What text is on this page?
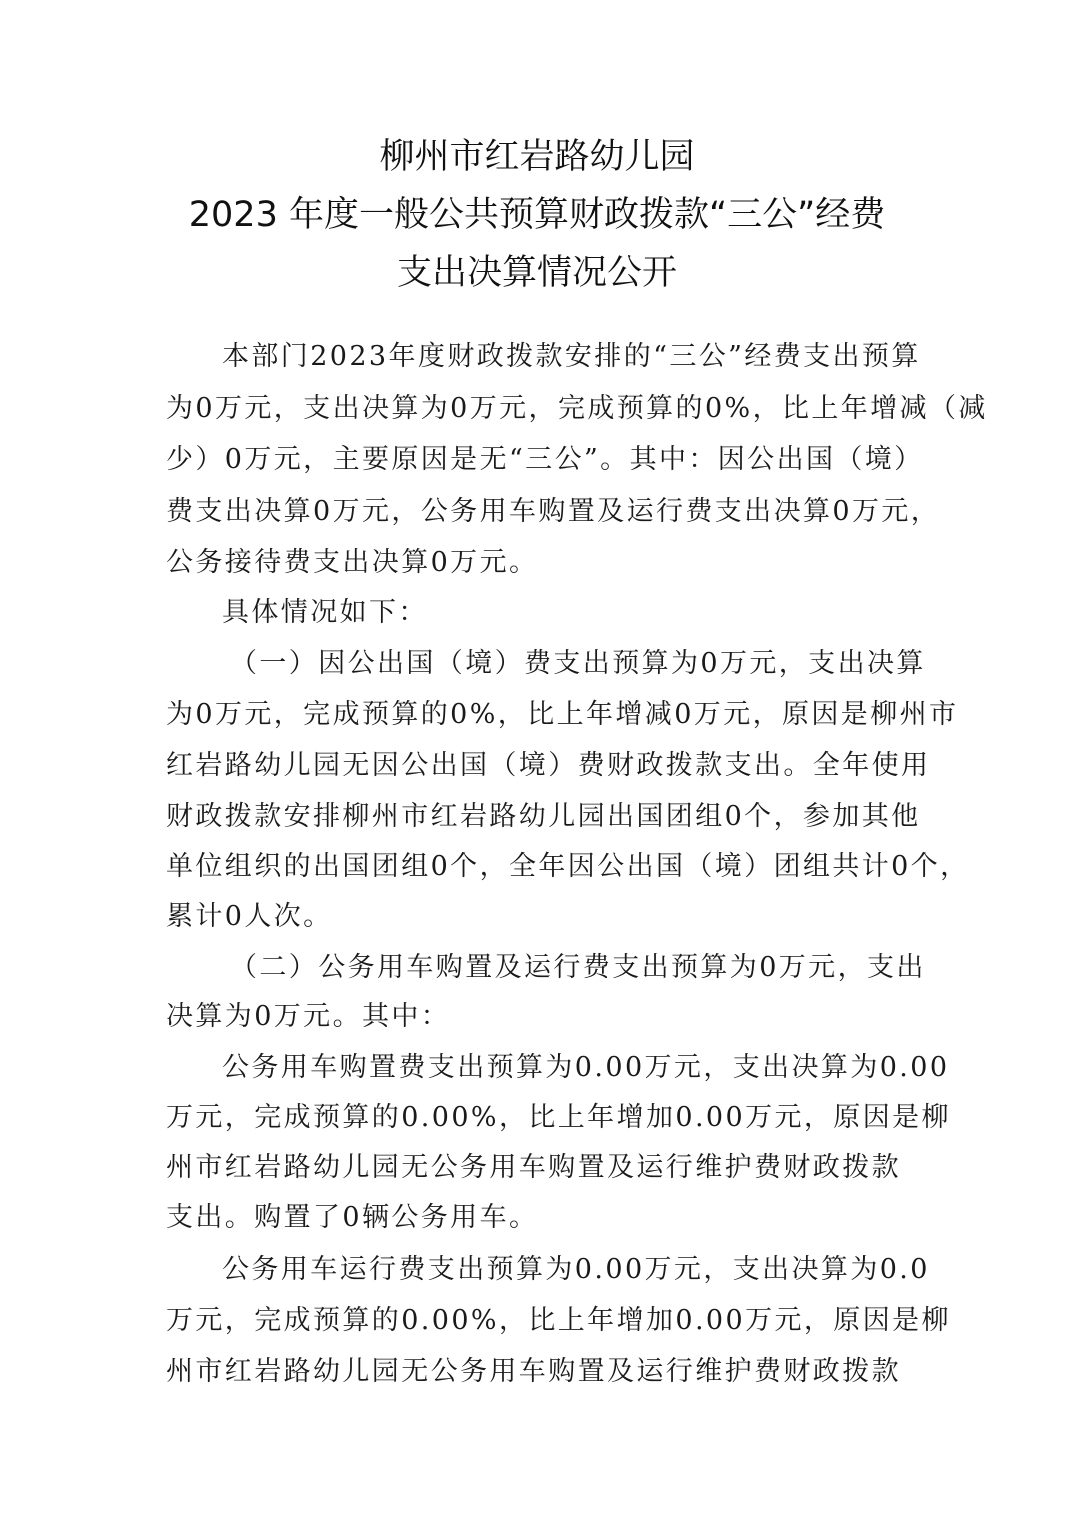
柳州市红岩路幼儿园
2023 年度一般公共预算财政拨款“三公”经费
支出决算情况公开
本部门2023年度财政拨款安排的“三公”经费支出预算
为0万元，支出决算为0万元，完成预算的0%，比上年增减（减
少）0万元，主要原因是无“三公”。其中：因公出国（境）
费支出决算0万元，公务用车购置及运行费支出决算0万元，
公务接待费支出决算0万元。
具体情况如下：
（一）因公出国（境）费支出预算为0万元，支出决算
为0万元，完成预算的0%，比上年增减0万元，原因是柳州市
红岩路幼儿园无因公出国（境）费财政拨款支出。全年使用
财政拨款安排柳州市红岩路幼儿园出国团组0个，参加其他
单位组织的出国团组0个，全年因公出国（境）团组共计0个，
累计0人次。
（二）公务用车购置及运行费支出预算为0万元，支出
决算为0万元。其中：
公务用车购置费支出预算为0.00万元，支出决算为0.00
万元，完成预算的0.00%，比上年增加0.00万元，原因是柳
州市红岩路幼儿园无公务用车购置及运行维护费财政拨款
支出。购置了0辆公务用车。
公务用车运行费支出预算为0.00万元，支出决算为0.0
万元，完成预算的0.00%，比上年增加0.00万元，原因是柳
州市红岩路幼儿园无公务用车购置及运行维护费财政拨款
